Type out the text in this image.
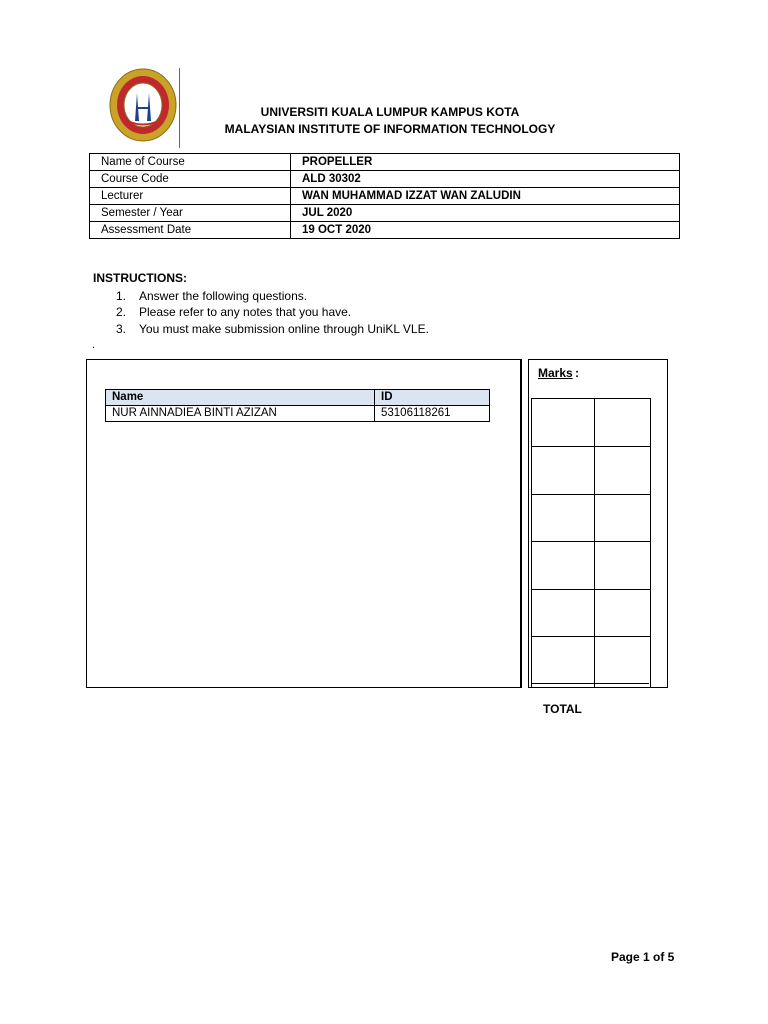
UNIVERSITI KUALA LUMPUR KAMPUS KOTA
MALAYSIAN INSTITUTE OF INFORMATION TECHNOLOGY
Name of Course	PROPELLER
Course Code	ALD 30302
Lecturer	WAN MUHAMMAD IZZAT WAN ZALUDIN
Semester / Year	JUL 2020
Assessment Date	19 OCT 2020
INSTRUCTIONS:
1. Answer the following questions.
2. Please refer to any notes that you have.
3. You must make submission online through UniKL VLE.
.
Name	ID
NUR AINNADIEA BINTI AZIZAN	53106118261
Marks :
TOTAL
Page 1 of 5
